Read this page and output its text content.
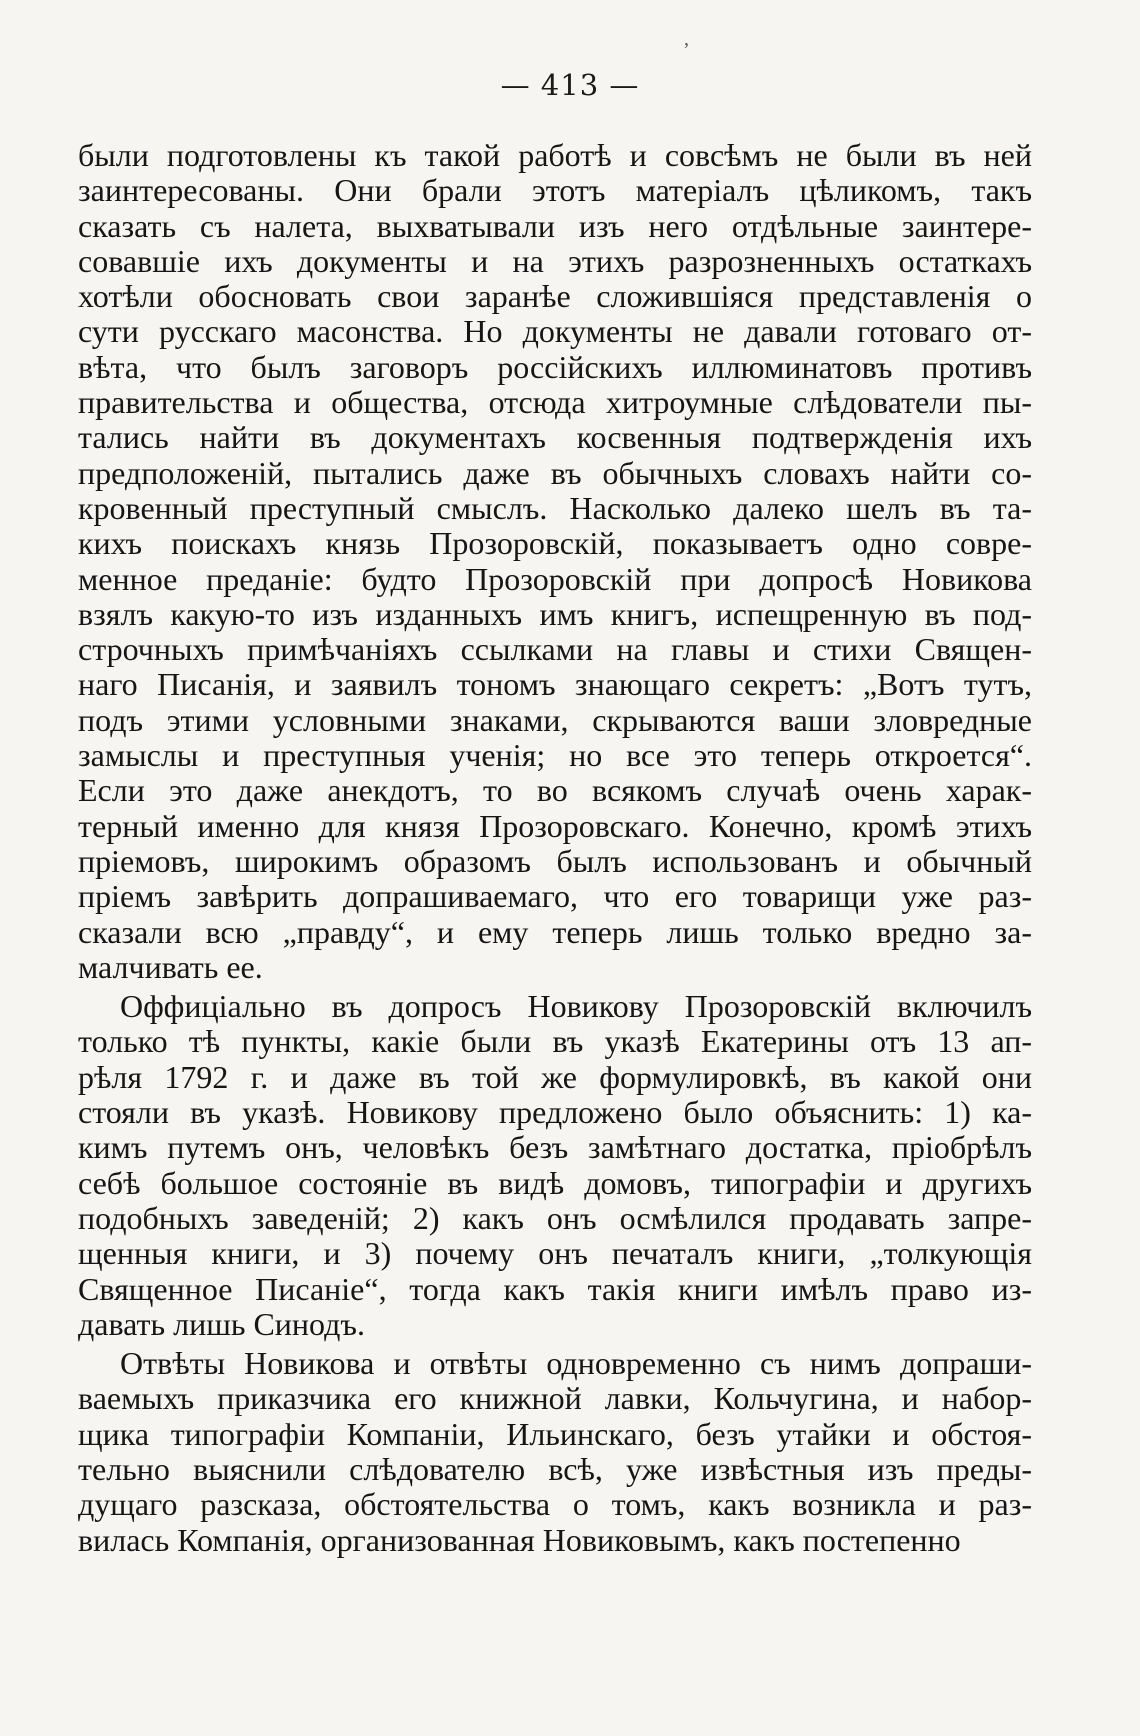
— 413 —
,
были подготовлены къ такой работѣ и совсѣмъ не были въ ней
заинтересованы. Они брали этотъ матеріалъ цѣликомъ, такъ
сказать съ налета, выхватывали изъ него отдѣльные заинтере-
совавшіе ихъ документы и на этихъ разрозненныхъ остаткахъ
хотѣли обосновать свои заранѣе сложившіяся представленія о
сути русскаго масонства. Но документы не давали готоваго от-
вѣта, что былъ заговоръ россійскихъ иллюминатовъ противъ
правительства и общества, отсюда хитроумные слѣдователи пы-
тались найти въ документахъ косвенныя подтвержденія ихъ
предположеній, пытались даже въ обычныхъ словахъ найти со-
кровенный преступный смыслъ. Насколько далеко шелъ въ та-
кихъ поискахъ князь Прозоровскій, показываетъ одно совре-
менное преданіе: будто Прозоровскій при допросѣ Новикова
взялъ какую-то изъ изданныхъ имъ книгъ, испещренную въ под-
строчныхъ примѣчаніяхъ ссылками на главы и стихи Священ-
наго Писанія, и заявилъ тономъ знающаго секретъ: „Вотъ тутъ,
подъ этими условными знаками, скрываются ваши зловредные
замыслы и преступныя ученія; но все это теперь откроется“.
Если это даже анекдотъ, то во всякомъ случаѣ очень харак-
терный именно для князя Прозоровскаго. Конечно, кромѣ этихъ
пріемовъ, широкимъ образомъ былъ использованъ и обычный
пріемъ завѣрить допрашиваемаго, что его товарищи уже раз-
сказали всю „правду“, и ему теперь лишь только вредно за-
малчивать ее.
Оффиціально въ допросъ Новикову Прозоровскій включилъ
только тѣ пункты, какіе были въ указѣ Екатерины отъ 13 ап-
рѣля 1792 г. и даже въ той же формулировкѣ, въ какой они
стояли въ указѣ. Новикову предложено было объяснить: 1) ка-
кимъ путемъ онъ, человѣкъ безъ замѣтнаго достатка, пріобрѣлъ
себѣ большое состояніе въ видѣ домовъ, типографіи и другихъ
подобныхъ заведеній; 2) какъ онъ осмѣлился продавать запре-
щенныя книги, и 3) почему онъ печаталъ книги, „толкующія
Священное Писаніе“, тогда какъ такія книги имѣлъ право из-
давать лишь Синодъ.
Отвѣты Новикова и отвѣты одновременно съ нимъ допраши-
ваемыхъ приказчика его книжной лавки, Кольчугина, и набор-
щика типографіи Компаніи, Ильинскаго, безъ утайки и обстоя-
тельно выяснили слѣдователю всѣ, уже извѣстныя изъ преды-
дущаго разсказа, обстоятельства о томъ, какъ возникла и раз-
вилась Компанія, организованная Новиковымъ, какъ постепенно
